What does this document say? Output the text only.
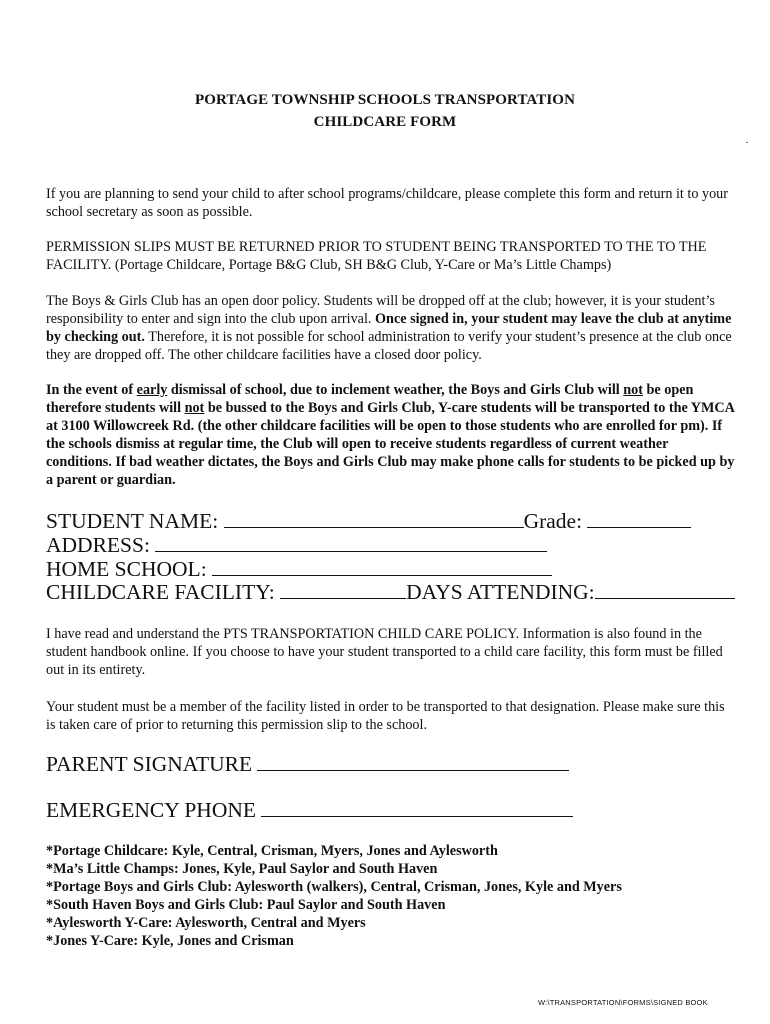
PORTAGE TOWNSHIP SCHOOLS TRANSPORTATION
CHILDCARE FORM
If you are planning to send your child to after school programs/childcare, please complete this form and return it to your school secretary as soon as possible.
PERMISSION SLIPS MUST BE RETURNED PRIOR TO STUDENT BEING TRANSPORTED TO THE TO THE FACILITY. (Portage Childcare, Portage B&G Club, SH B&G Club, Y-Care or Ma’s Little Champs)
The Boys & Girls Club has an open door policy. Students will be dropped off at the club; however, it is your student’s responsibility to enter and sign into the club upon arrival. Once signed in, your student may leave the club at anytime by checking out. Therefore, it is not possible for school administration to verify your student’s presence at the club once they are dropped off. The other childcare facilities have a closed door policy.
In the event of early dismissal of school, due to inclement weather, the Boys and Girls Club will not be open therefore students will not be bussed to the Boys and Girls Club, Y-care students will be transported to the YMCA at 3100 Willowcreek Rd. (the other childcare facilities will be open to those students who are enrolled for pm). If the schools dismiss at regular time, the Club will open to receive students regardless of current weather conditions. If bad weather dictates, the Boys and Girls Club may make phone calls for students to be picked up by a parent or guardian.
STUDENT NAME:	Grade:
ADDRESS:
HOME SCHOOL:
CHILDCARE FACILITY:	DAYS ATTENDING:
I have read and understand the PTS TRANSPORTATION CHILD CARE POLICY. Information is also found in the student handbook online. If you choose to have your student transported to a child care facility, this form must be filled out in its entirety.
Your student must be a member of the facility listed in order to be transported to that designation. Please make sure this is taken care of prior to returning this permission slip to the school.
PARENT SIGNATURE
EMERGENCY PHONE
*Portage Childcare: Kyle, Central, Crisman, Myers, Jones and Aylesworth
*Ma’s Little Champs: Jones, Kyle, Paul Saylor and South Haven
*Portage Boys and Girls Club: Aylesworth (walkers), Central, Crisman, Jones, Kyle and Myers
*South Haven Boys and Girls Club: Paul Saylor and South Haven
*Aylesworth Y-Care: Aylesworth, Central and Myers
*Jones Y-Care: Kyle, Jones and Crisman
W:\TRANSPORTATION\FORMS\SIGNED BOOK
